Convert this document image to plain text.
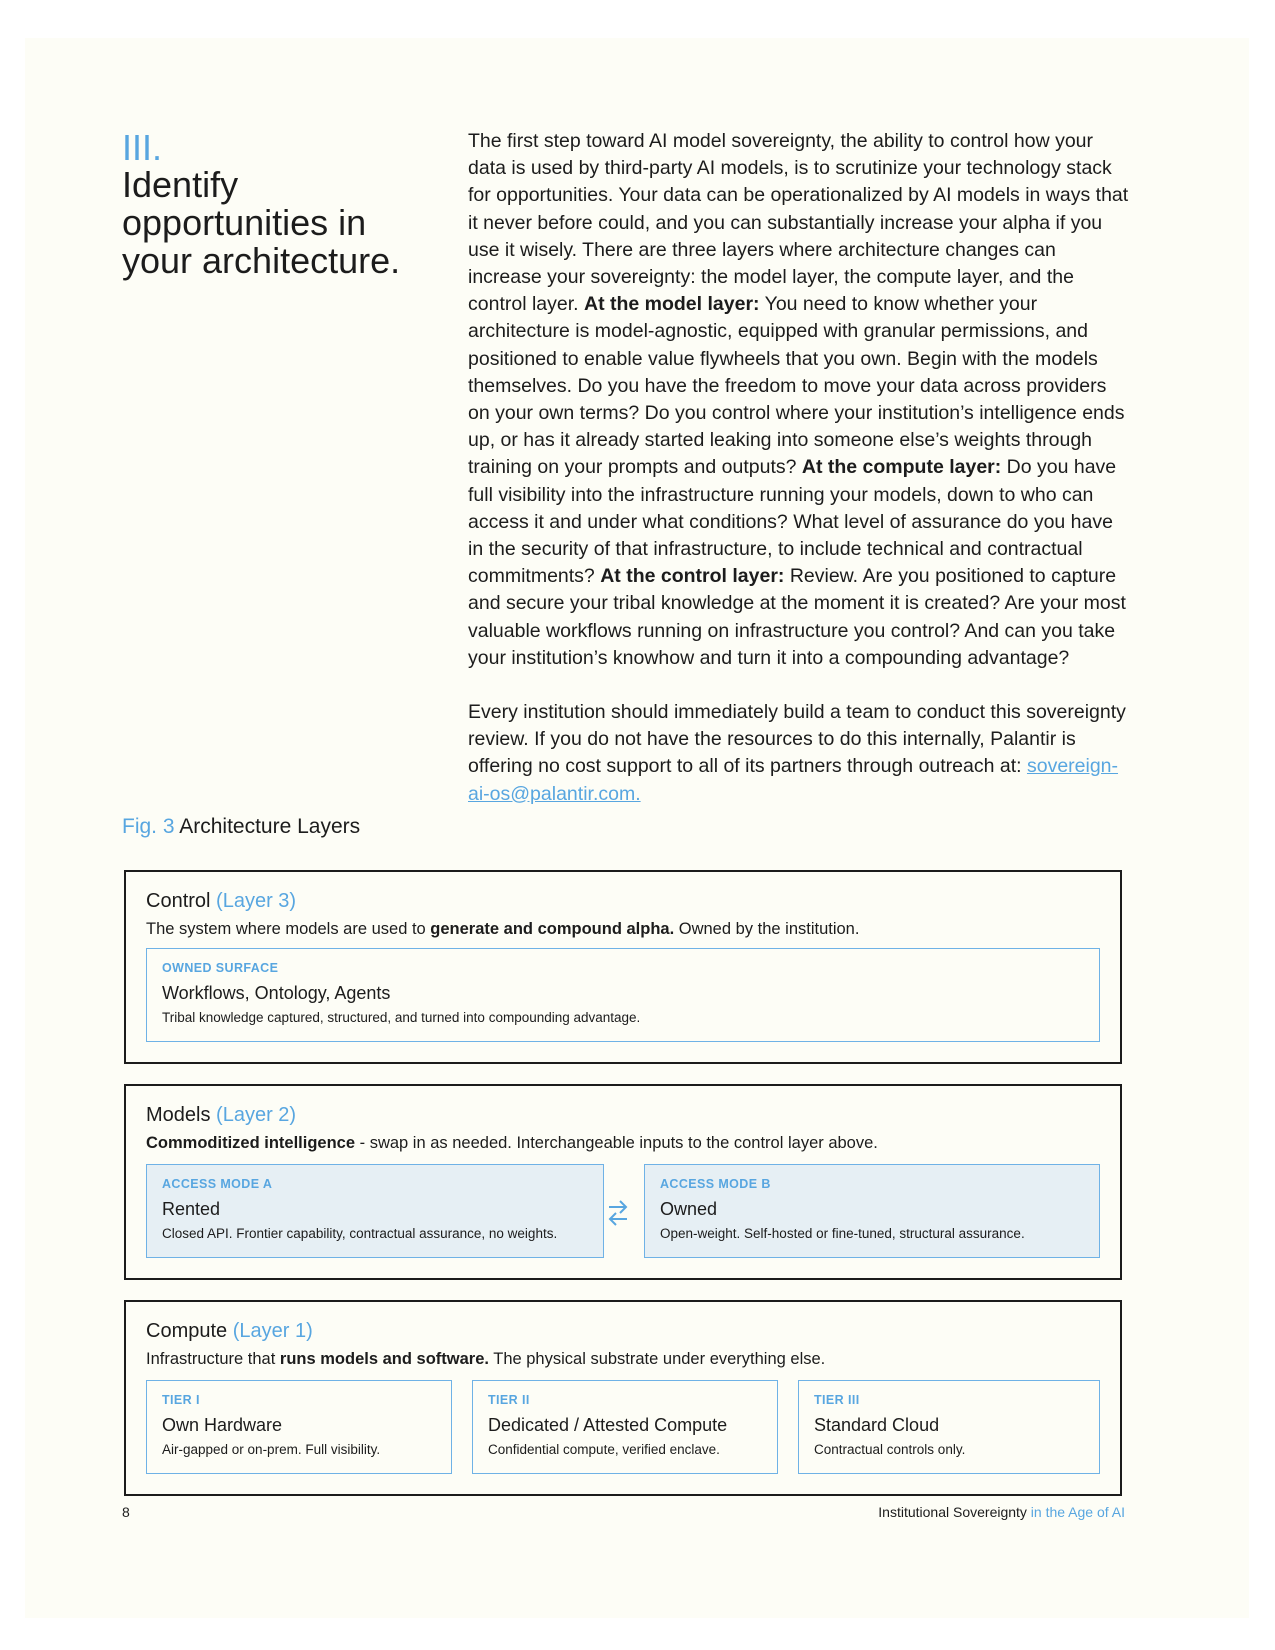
III.
Identify opportunities in your architecture.

The first step toward AI model sovereignty, the ability to control how your data is used by third-party AI models, is to scrutinize your technology stack for opportunities. Your data can be operationalized by AI models in ways that it never before could, and you can substantially increase your alpha if you use it wisely. There are three layers where architecture changes can increase your sovereignty: the model layer, the compute layer, and the control layer. At the model layer: You need to know whether your architecture is model-agnostic, equipped with granular permissions, and positioned to enable value flywheels that you own. Begin with the models themselves. Do you have the freedom to move your data across providers on your own terms? Do you control where your institution’s intelligence ends up, or has it already started leaking into someone else’s weights through training on your prompts and outputs? At the compute layer: Do you have full visibility into the infrastructure running your models, down to who can access it and under what conditions? What level of assurance do you have in the security of that infrastructure, to include technical and contractual commitments? At the control layer: Review. Are you positioned to capture and secure your tribal knowledge at the moment it is created? Are your most valuable workflows running on infrastructure you control? And can you take your institution’s knowhow and turn it into a compounding advantage?

Every institution should immediately build a team to conduct this sovereignty review. If you do not have the resources to do this internally, Palantir is offering no cost support to all of its partners through outreach at: sovereign-ai-os@palantir.com.

Fig. 3 Architecture Layers
Control (Layer 3)
The system where models are used to generate and compound alpha. Owned by the institution.
OWNED SURFACE
Workflows, Ontology, Agents
Tribal knowledge captured, structured, and turned into compounding advantage.
Models (Layer 2)
Commoditized intelligence - swap in as needed. Interchangeable inputs to the control layer above.
ACCESS MODE A
Rented
Closed API. Frontier capability, contractual assurance, no weights.
ACCESS MODE B
Owned
Open-weight. Self-hosted or fine-tuned, structural assurance.
Compute (Layer 1)
Infrastructure that runs models and software. The physical substrate under everything else.
TIER I
Own Hardware
Air-gapped or on-prem. Full visibility.
TIER II
Dedicated / Attested Compute
Confidential compute, verified enclave.
TIER III
Standard Cloud
Contractual controls only.
8	Institutional Sovereignty in the Age of AI
